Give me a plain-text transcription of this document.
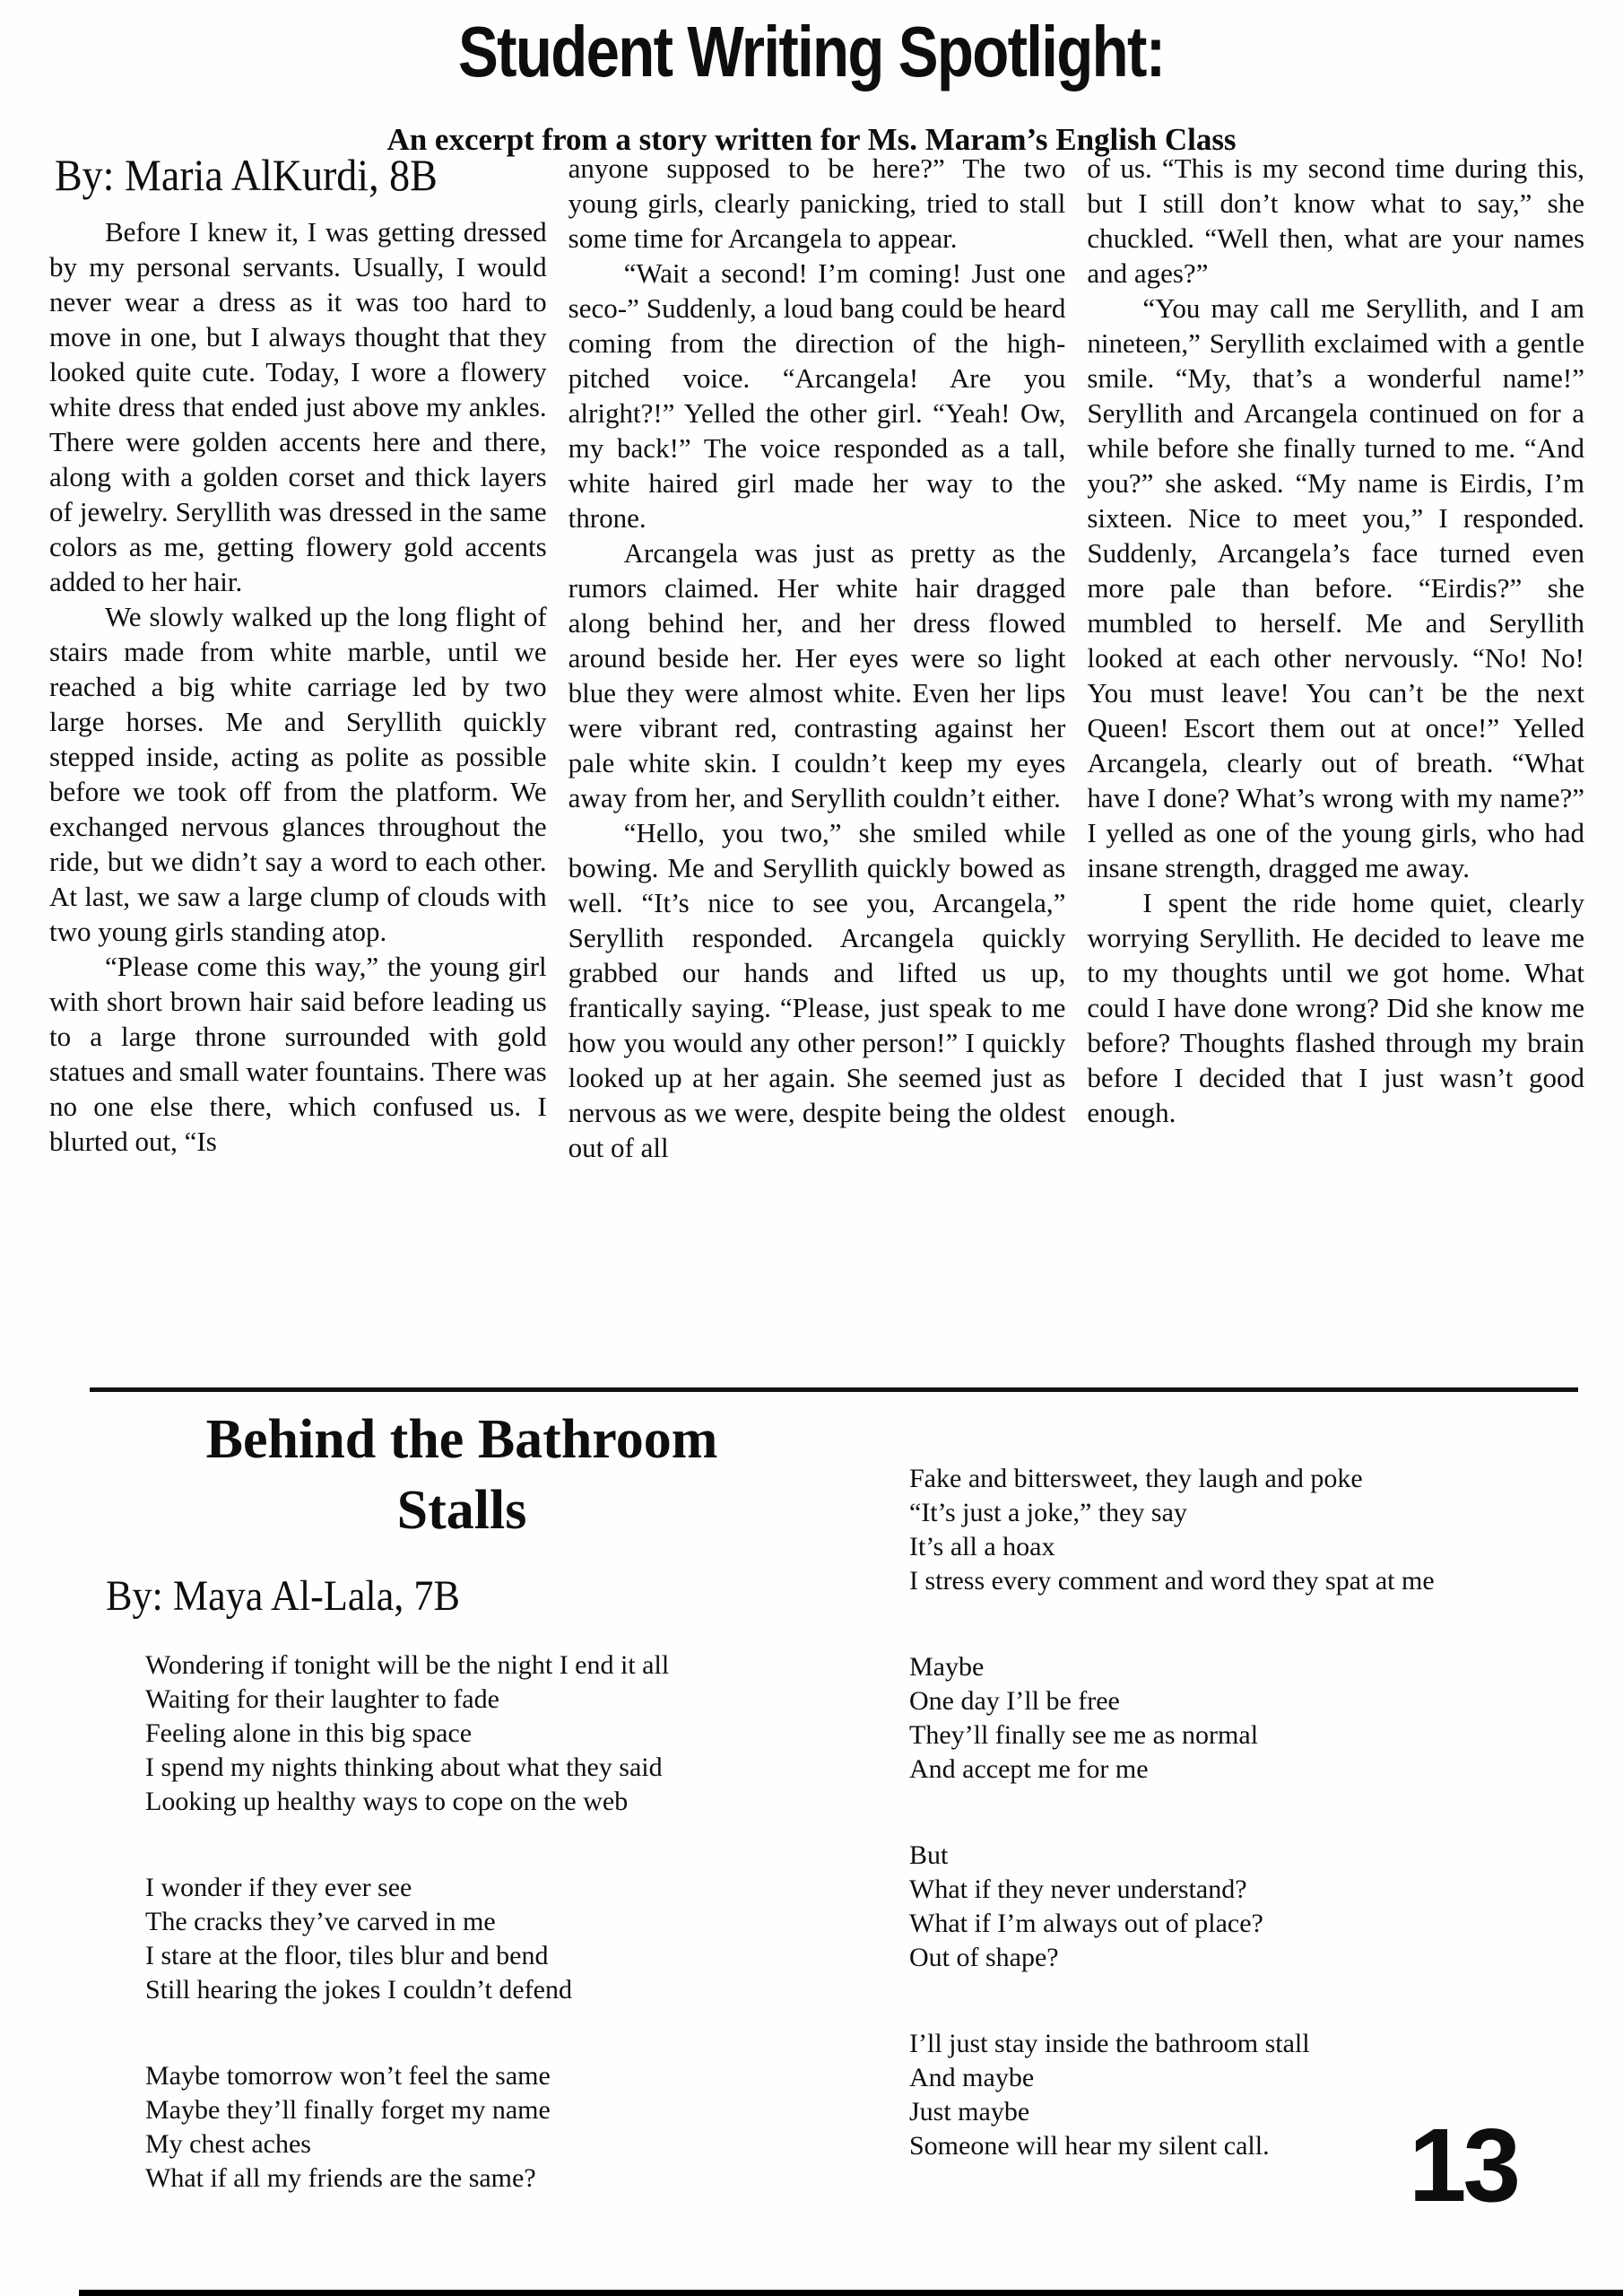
Student Writing Spotlight:
An excerpt from a story written for Ms. Maram’s English Class
By: Maria AlKurdi, 8B

Before I knew it, I was getting dressed by my personal servants. Usually, I would never wear a dress as it was too hard to move in one, but I always thought that they looked quite cute. Today, I wore a flowery white dress that ended just above my ankles. There were golden accents here and there, along with a golden corset and thick layers of jewelry. Seryllith was dressed in the same colors as me, getting flowery gold accents added to her hair.

We slowly walked up the long flight of stairs made from white marble, until we reached a big white carriage led by two large horses. Me and Seryllith quickly stepped inside, acting as polite as possible before we took off from the platform. We exchanged nervous glances throughout the ride, but we didn’t say a word to each other. At last, we saw a large clump of clouds with two young girls standing atop.

“Please come this way,” the young girl with short brown hair said before leading us to a large throne surrounded with gold statues and small water fountains. There was no one else there, which confused us. I blurted out, “Is

anyone supposed to be here?” The two young girls, clearly panicking, tried to stall some time for Arcangela to appear.

“Wait a second! I’m coming! Just one seco-” Suddenly, a loud bang could be heard coming from the direction of the high-pitched voice. “Arcangela! Are you alright?!” Yelled the other girl. “Yeah! Ow, my back!” The voice responded as a tall, white haired girl made her way to the throne.

Arcangela was just as pretty as the rumors claimed. Her white hair dragged along behind her, and her dress flowed around beside her. Her eyes were so light blue they were almost white. Even her lips were vibrant red, contrasting against her pale white skin. I couldn’t keep my eyes away from her, and Seryllith couldn’t either.

“Hello, you two,” she smiled while bowing. Me and Seryllith quickly bowed as well. “It’s nice to see you, Arcangela,” Seryllith responded. Arcangela quickly grabbed our hands and lifted us up, frantically saying. “Please, just speak to me how you would any other person!” I quickly looked up at her again. She seemed just as nervous as we were, despite being the oldest out of all

of us. “This is my second time during this, but I still don’t know what to say,” she chuckled. “Well then, what are your names and ages?”

“You may call me Seryllith, and I am nineteen,” Seryllith exclaimed with a gentle smile. “My, that’s a wonderful name!” Seryllith and Arcangela continued on for a while before she finally turned to me. “And you?” she asked. “My name is Eirdis, I’m sixteen. Nice to meet you,” I responded. Suddenly, Arcangela’s face turned even more pale than before. “Eirdis?” she mumbled to herself. Me and Seryllith looked at each other nervously. “No! No! You must leave! You can’t be the next Queen! Escort them out at once!” Yelled Arcangela, clearly out of breath. “What have I done? What’s wrong with my name?” I yelled as one of the young girls, who had insane strength, dragged me away.

I spent the ride home quiet, clearly worrying Seryllith. He decided to leave me to my thoughts until we got home. What could I have done wrong? Did she know me before? Thoughts flashed through my brain before I decided that I just wasn’t good enough.

Behind the Bathroom
Stalls
By: Maya Al-Lala, 7B
Wondering if tonight will be the night I end it all
Waiting for their laughter to fade
Feeling alone in this big space
I spend my nights thinking about what they said
Looking up healthy ways to cope on the web
I wonder if they ever see
The cracks they’ve carved in me
I stare at the floor, tiles blur and bend
Still hearing the jokes I couldn’t defend
Maybe tomorrow won’t feel the same
Maybe they’ll finally forget my name
My chest aches
What if all my friends are the same?
Fake and bittersweet, they laugh and poke
“It’s just a joke,” they say
It’s all a hoax
I stress every comment and word they spat at me
Maybe
One day I’ll be free
They’ll finally see me as normal
And accept me for me
But
What if they never understand?
What if I’m always out of place?
Out of shape?
I’ll just stay inside the bathroom stall
And maybe
Just maybe
Someone will hear my silent call.	13
